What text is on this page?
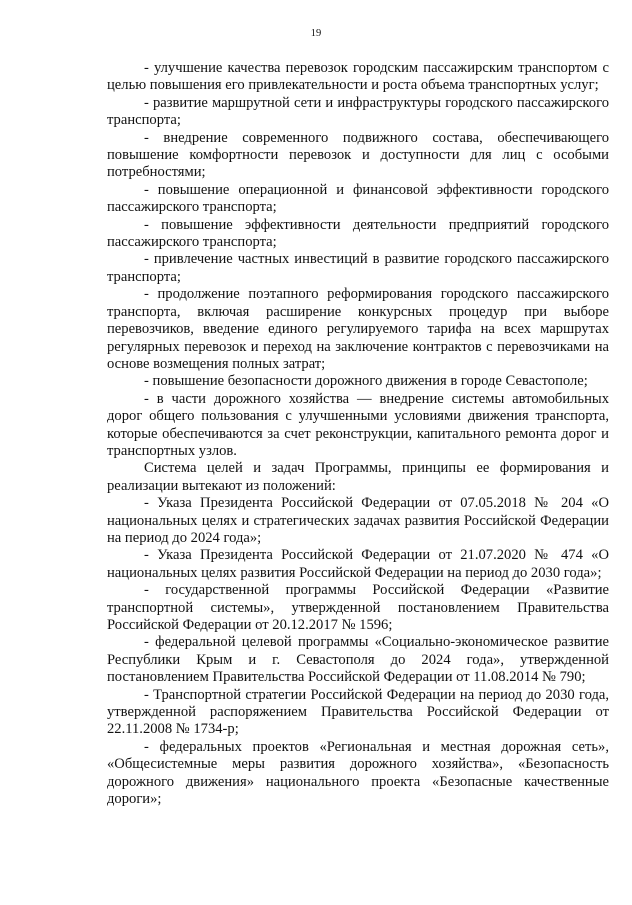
19

- улучшение качества перевозок городским пассажирским транспортом с целью повышения его привлекательности и роста объема транспортных услуг;

- развитие маршрутной сети и инфраструктуры городского пассажирского транспорта;

- внедрение современного подвижного состава, обеспечивающего повышение комфортности перевозок и доступности для лиц с особыми потребностями;

- повышение операционной и финансовой эффективности городского пассажирского транспорта;

- повышение эффективности деятельности предприятий городского пассажирского транспорта;

- привлечение частных инвестиций в развитие городского пассажирского транспорта;

- продолжение поэтапного реформирования городского пассажирского транспорта, включая расширение конкурсных процедур при выборе перевозчиков, введение единого регулируемого тарифа на всех маршрутах регулярных перевозок и переход на заключение контрактов с перевозчиками на основе возмещения полных затрат;

- повышение безопасности дорожного движения в городе Севастополе;

- в части дорожного хозяйства — внедрение системы автомобильных дорог общего пользования с улучшенными условиями движения транспорта, которые обеспечиваются за счет реконструкции, капитального ремонта дорог и транспортных узлов.

Система целей и задач Программы, принципы ее формирования и реализации вытекают из положений:

- Указа Президента Российской Федерации от 07.05.2018 № 204 «О национальных целях и стратегических задачах развития Российской Федерации на период до 2024 года»;

- Указа Президента Российской Федерации от 21.07.2020 № 474 «О национальных целях развития Российской Федерации на период до 2030 года»;

- государственной программы Российской Федерации «Развитие транспортной системы», утвержденной постановлением Правительства Российской Федерации от 20.12.2017 № 1596;

- федеральной целевой программы «Социально-экономическое развитие Республики Крым и г. Севастополя до 2024 года», утвержденной постановлением Правительства Российской Федерации от 11.08.2014 № 790;

- Транспортной стратегии Российской Федерации на период до 2030 года, утвержденной распоряжением Правительства Российской Федерации от 22.11.2008 № 1734-р;

- федеральных проектов «Региональная и местная дорожная сеть», «Общесистемные меры развития дорожного хозяйства», «Безопасность дорожного движения» национального проекта «Безопасные качественные дороги»;
